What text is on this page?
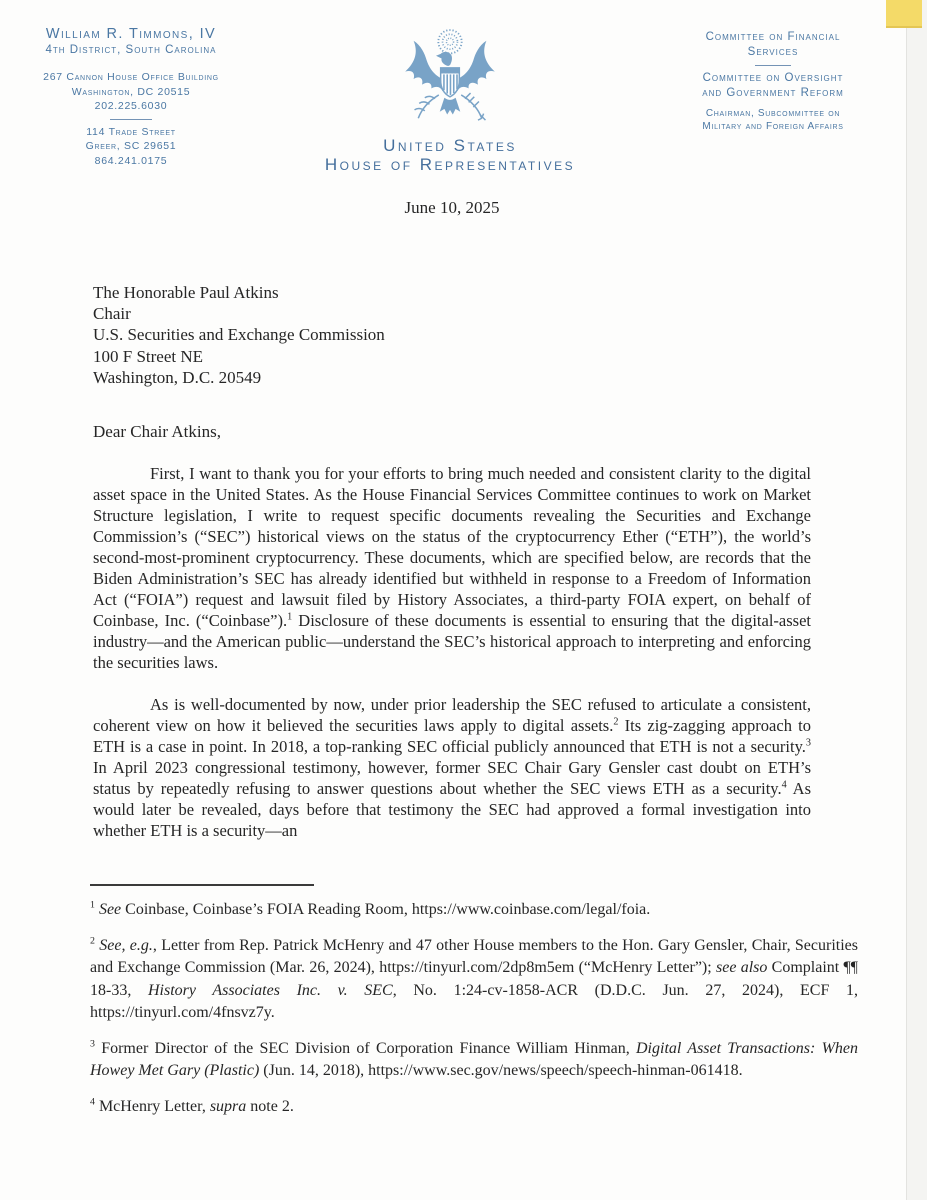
William R. Timmons, IV
4th District, South Carolina
267 Cannon House Office Building
Washington, DC 20515
202.225.6030
114 Trade Street
Greer, SC 29651
864.241.0175
United States
House of Representatives
Committee on Financial
Services
Committee on Oversight
and Government Reform
Chairman, Subcommittee on
Military and Foreign Affairs
June 10, 2025
The Honorable Paul Atkins
Chair
U.S. Securities and Exchange Commission
100 F Street NE
Washington, D.C. 20549
Dear Chair Atkins,

First, I want to thank you for your efforts to bring much needed and consistent clarity to the digital asset space in the United States. As the House Financial Services Committee continues to work on Market Structure legislation, I write to request specific documents revealing the Securities and Exchange Commission’s (“SEC”) historical views on the status of the cryptocurrency Ether (“ETH”), the world’s second-most-prominent cryptocurrency. These documents, which are specified below, are records that the Biden Administration’s SEC has already identified but withheld in response to a Freedom of Information Act (“FOIA”) request and lawsuit filed by History Associates, a third-party FOIA expert, on behalf of Coinbase, Inc. (“Coinbase”).$^1$ Disclosure of these documents is essential to ensuring that the digital-asset industry—and the American public—understand the SEC’s historical approach to interpreting and enforcing the securities laws.

As is well-documented by now, under prior leadership the SEC refused to articulate a consistent, coherent view on how it believed the securities laws apply to digital assets.$^2$ Its zig-zagging approach to ETH is a case in point. In 2018, a top-ranking SEC official publicly announced that ETH is not a security.$^3$ In April 2023 congressional testimony, however, former SEC Chair Gary Gensler cast doubt on ETH’s status by repeatedly refusing to answer questions about whether the SEC views ETH as a security.$^4$ As would later be revealed, days before that testimony the SEC had approved a formal investigation into whether ETH is a security—an

$^1$ See Coinbase, Coinbase’s FOIA Reading Room, https://www.coinbase.com/legal/foia.

$^2$ See, e.g., Letter from Rep. Patrick McHenry and 47 other House members to the Hon. Gary Gensler, Chair, Securities and Exchange Commission (Mar. 26, 2024), https://tinyurl.com/2dp8m5em (“McHenry Letter”); see also Complaint ¶¶ 18-33, History Associates Inc. v. SEC, No. 1:24-cv-1858-ACR (D.D.C. Jun. 27, 2024), ECF 1, https://tinyurl.com/4fnsvz7y.

$^3$ Former Director of the SEC Division of Corporation Finance William Hinman, Digital Asset Transactions: When Howey Met Gary (Plastic) (Jun. 14, 2018), https://www.sec.gov/news/speech/speech-hinman-061418.

$^4$ McHenry Letter, supra note 2.
